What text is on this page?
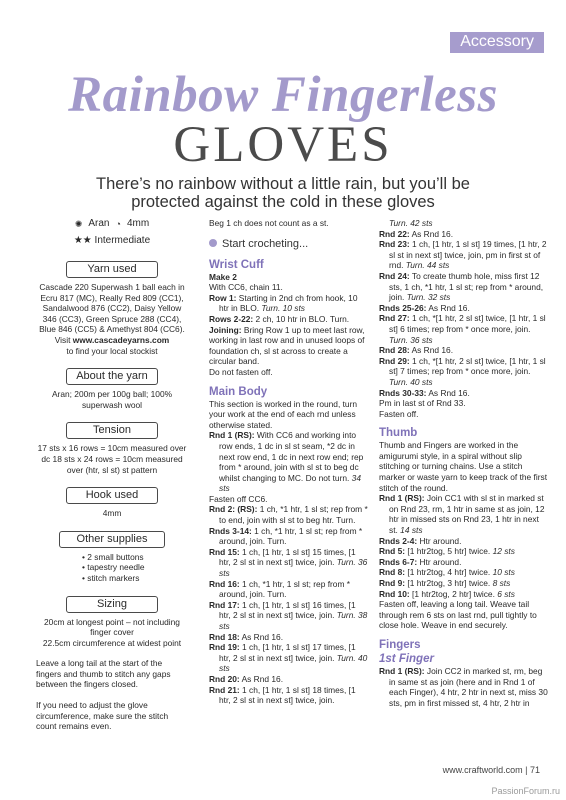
Accessory
Rainbow Fingerless
GLOVES
There’s no rainbow without a little rain, but you’ll be protected against the cold in these gloves
✺ Aran ◔ 4mm
★★ Intermediate
Yarn used
Cascade 220 Superwash 1 ball each in Ecru 817 (MC), Really Red 809 (CC1), Sandalwood 876 (CC2), Daisy Yellow 346 (CC3), Green Spruce 288 (CC4), Blue 846 (CC5) & Amethyst 804 (CC6). Visit www.cascadeyarns.com
to find your local stockist
About the yarn
Aran; 200m per 100g ball; 100% superwash wool
Tension
17 sts x 16 rows = 10cm measured over dc 18 sts x 24 rows = 10cm measured over (htr, sl st) st pattern
Hook used
4mm
Other supplies
• 2 small buttons
• tapestry needle
• stitch markers
Sizing
20cm at longest point – not including finger cover
22.5cm circumference at widest point

Leave a long tail at the start of the fingers and thumb to stitch any gaps between the fingers closed.

If you need to adjust the glove circumference, make sure the stitch count remains even.

Beg 1 ch does not count as a st.

Start crocheting...
Wrist Cuff

Make 2

With CC6, chain 11.

Row 1: Starting in 2nd ch from hook, 10 htr in BLO. Turn. 10 sts

Rows 2-22: 2 ch, 10 htr in BLO. Turn.

Joining: Bring Row 1 up to meet last row, working in last row and in unused loops of foundation ch, sl st across to create a circular band.

Do not fasten off.

Main Body

This section is worked in the round, turn your work at the end of each rnd unless otherwise stated.

Rnd 1 (RS): With CC6 and working into row ends, 1 dc in sl st seam, *2 dc in next row end, 1 dc in next row end; rep from * around, join with sl st to beg dc whilst changing to MC. Do not turn. 34 sts

Fasten off CC6.

Rnd 2: (RS): 1 ch, *1 htr, 1 sl st; rep from * to end, join with sl st to beg htr. Turn.

Rnds 3-14: 1 ch, *1 htr, 1 sl st; rep from * around, join. Turn.

Rnd 15: 1 ch, [1 htr, 1 sl st] 15 times, [1 htr, 2 sl st in next st] twice, join. Turn. 36 sts

Rnd 16: 1 ch, *1 htr, 1 sl st; rep from * around, join. Turn.

Rnd 17: 1 ch, [1 htr, 1 sl st] 16 times, [1 htr, 2 sl st in next st] twice, join. Turn. 38 sts

Rnd 18: As Rnd 16.

Rnd 19: 1 ch, [1 htr, 1 sl st] 17 times, [1 htr, 2 sl st in next st] twice, join. Turn. 40 sts

Rnd 20: As Rnd 16.

Rnd 21: 1 ch, [1 htr, 1 sl st] 18 times, [1 htr, 2 sl st in next st] twice, join.

Turn. 42 sts

Rnd 22: As Rnd 16.

Rnd 23: 1 ch, [1 htr, 1 sl st] 19 times, [1 htr, 2 sl st in next st] twice, join, pm in first st of rnd. Turn. 44 sts

Rnd 24: To create thumb hole, miss first 12 sts, 1 ch, *1 htr, 1 sl st; rep from * around, join. Turn. 32 sts

Rnds 25-26: As Rnd 16.

Rnd 27: 1 ch, *[1 htr, 2 sl st] twice, [1 htr, 1 sl st] 6 times; rep from * once more, join. Turn. 36 sts

Rnd 28: As Rnd 16.

Rnd 29: 1 ch, *[1 htr, 2 sl st] twice, [1 htr, 1 sl st] 7 times; rep from * once more, join. Turn. 40 sts

Rnds 30-33: As Rnd 16.

Pm in last st of Rnd 33.

Fasten off.

Thumb

Thumb and Fingers are worked in the amigurumi style, in a spiral without slip stitching or turning chains. Use a stitch marker or waste yarn to keep track of the first stitch of the round.

Rnd 1 (RS): Join CC1 with sl st in marked st on Rnd 23, rm, 1 htr in same st as join, 12 htr in missed sts on Rnd 23, 1 htr in next st. 14 sts

Rnds 2-4: Htr around.

Rnd 5: [1 htr2tog, 5 htr] twice. 12 sts

Rnds 6-7: Htr around.

Rnd 8: [1 htr2tog, 4 htr] twice. 10 sts

Rnd 9: [1 htr2tog, 3 htr] twice. 8 sts

Rnd 10: [1 htr2tog, 2 htr] twice. 6 sts

Fasten off, leaving a long tail. Weave tail through rem 6 sts on last rnd, pull tightly to close hole. Weave in end securely.

Fingers
1st Finger

Rnd 1 (RS): Join CC2 in marked st, rm, beg in same st as join (here and in Rnd 1 of each Finger), 4 htr, 2 htr in next st, miss 30 sts, pm in first missed st, 4 htr, 2 htr in

www.craftworld.com | 71
PassionForum.ru
